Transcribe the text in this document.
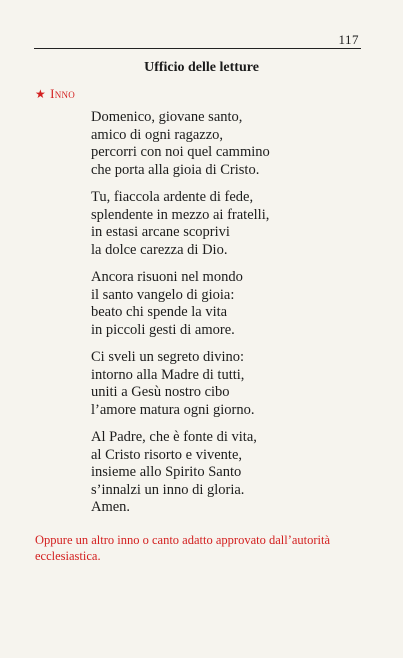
117
Ufficio delle letture
★ Inno
Domenico, giovane santo,
amico di ogni ragazzo,
percorri con noi quel cammino
che porta alla gioia di Cristo.
Tu, fiaccola ardente di fede,
splendente in mezzo ai fratelli,
in estasi arcane scoprivi
la dolce carezza di Dio.
Ancora risuoni nel mondo
il santo vangelo di gioia:
beato chi spende la vita
in piccoli gesti di amore.
Ci sveli un segreto divino:
intorno alla Madre di tutti,
uniti a Gesù nostro cibo
l’amore matura ogni giorno.
Al Padre, che è fonte di vita,
al Cristo risorto e vivente,
insieme allo Spirito Santo
s’innalzi un inno di gloria.
Amen.
Oppure un altro inno o canto adatto approvato dall’autorità ecclesiastica.
